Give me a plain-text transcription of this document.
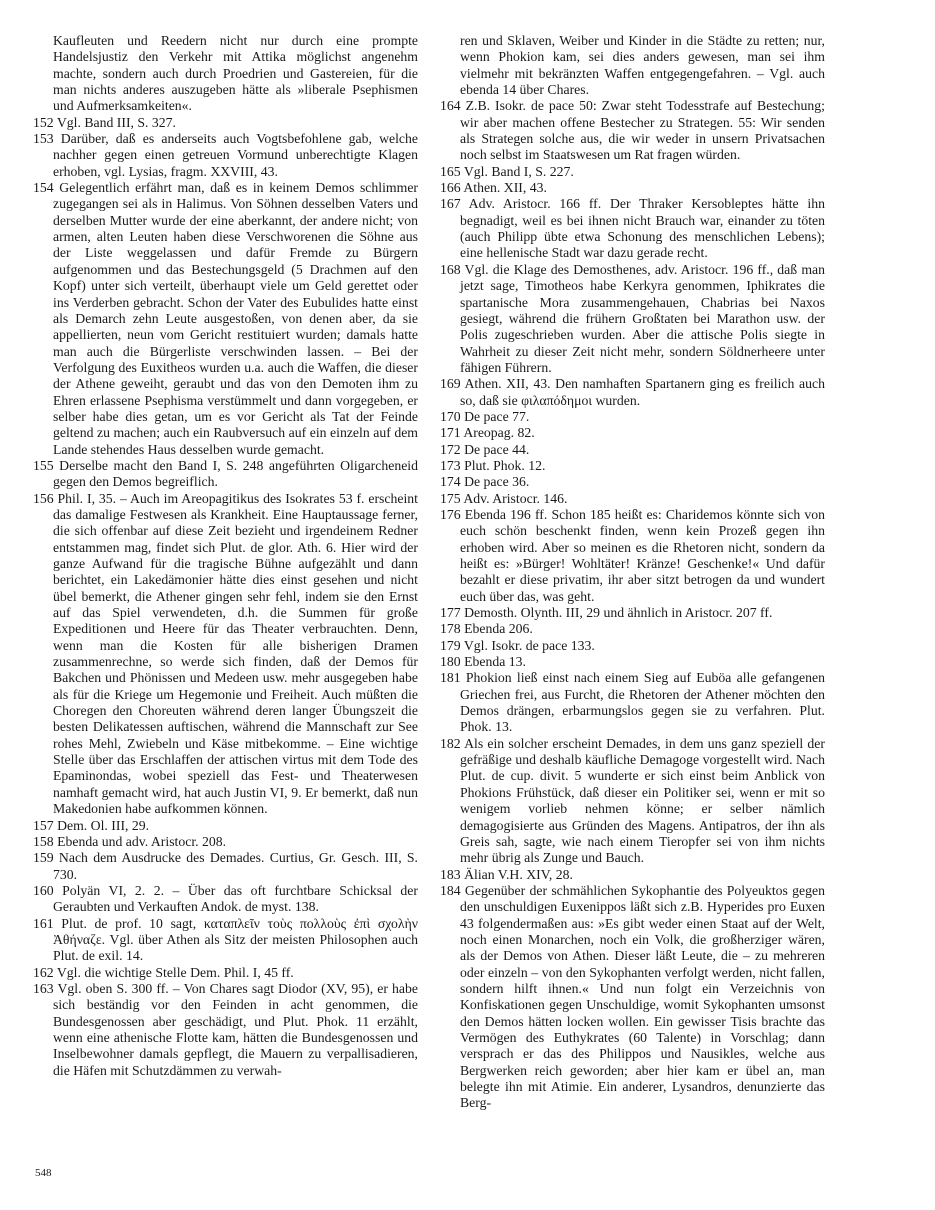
Kaufleuten und Reedern nicht nur durch eine prompte Handelsjustiz den Verkehr mit Attika möglichst angenehm machte, sondern auch durch Proedrien und Gastereien, für die man nichts anderes auszugeben hätte als »liberale Psephismen und Aufmerksamkeiten«.

152 Vgl. Band III, S. 327.

153 Darüber, daß es anderseits auch Vogtsbefohlene gab, welche nachher gegen einen getreuen Vormund unberechtigte Klagen erhoben, vgl. Lysias, fragm. XXVIII, 43.

154 Gelegentlich erfährt man, daß es in keinem Demos schlimmer zugegangen sei als in Halimus. Von Söhnen desselben Vaters und derselben Mutter wurde der eine aberkannt, der andere nicht; von armen, alten Leuten haben diese Verschworenen die Söhne aus der Liste weggelassen und dafür Fremde zu Bürgern aufgenommen und das Bestechungsgeld (5 Drachmen auf den Kopf) unter sich verteilt, überhaupt viele um Geld gerettet oder ins Verderben gebracht. Schon der Vater des Eubulides hatte einst als Demarch zehn Leute ausgestoßen, von denen aber, da sie appellierten, neun vom Gericht restituiert wurden; damals hatte man auch die Bürgerliste verschwinden lassen. – Bei der Verfolgung des Euxitheos wurden u.a. auch die Waffen, die dieser der Athene geweiht, geraubt und das von den Demoten ihm zu Ehren erlassene Psephisma verstümmelt und dann vorgegeben, er selber habe dies getan, um es vor Gericht als Tat der Feinde geltend zu machen; auch ein Raubversuch auf ein einzeln auf dem Lande stehendes Haus desselben wurde gemacht.

155 Derselbe macht den Band I, S. 248 angeführten Oligarcheneid gegen den Demos begreiflich.

156 Phil. I, 35. – Auch im Areopagitikus des Isokrates 53 f. erscheint das damalige Festwesen als Krankheit. Eine Hauptaussage ferner, die sich offenbar auf diese Zeit bezieht und irgendeinem Redner entstammen mag, findet sich Plut. de glor. Ath. 6. Hier wird der ganze Aufwand für die tragische Bühne aufgezählt und dann berichtet, ein Lakedämonier hätte dies einst gesehen und nicht übel bemerkt, die Athener gingen sehr fehl, indem sie den Ernst auf das Spiel verwendeten, d.h. die Summen für große Expeditionen und Heere für das Theater verbrauchten. Denn, wenn man die Kosten für alle bisherigen Dramen zusammenrechne, so werde sich finden, daß der Demos für Bakchen und Phönissen und Medeen usw. mehr ausgegeben habe als für die Kriege um Hegemonie und Freiheit. Auch müßten die Choregen den Choreuten während deren langer Übungszeit die besten Delikatessen auftischen, während die Mannschaft zur See rohes Mehl, Zwiebeln und Käse mitbekomme. – Eine wichtige Stelle über das Erschlaffen der attischen virtus mit dem Tode des Epaminondas, wobei speziell das Fest- und Theaterwesen namhaft gemacht wird, hat auch Justin VI, 9. Er bemerkt, daß nun Makedonien habe aufkommen können.

157 Dem. Ol. III, 29.

158 Ebenda und adv. Aristocr. 208.

159 Nach dem Ausdrucke des Demades. Curtius, Gr. Gesch. III, S. 730.

160 Polyän VI, 2. 2. – Über das oft furchtbare Schicksal der Geraubten und Verkauften Andok. de myst. 138.

161 Plut. de prof. 10 sagt, καταπλεῖν τοὺς πολλοὺς ἐπὶ σχολὴν Ἀθήναζε. Vgl. über Athen als Sitz der meisten Philosophen auch Plut. de exil. 14.

162 Vgl. die wichtige Stelle Dem. Phil. I, 45 ff.

163 Vgl. oben S. 300 ff. – Von Chares sagt Diodor (XV, 95), er habe sich beständig vor den Feinden in acht genommen, die Bundesgenossen aber geschädigt, und Plut. Phok. 11 erzählt, wenn eine athenische Flotte kam, hätten die Bundesgenossen und Inselbewohner damals gepflegt, die Mauern zu verpallisadieren, die Häfen mit Schutzdämmen zu verwah-

ren und Sklaven, Weiber und Kinder in die Städte zu retten; nur, wenn Phokion kam, sei dies anders gewesen, man sei ihm vielmehr mit bekränzten Waffen entgegengefahren. – Vgl. auch ebenda 14 über Chares.

164 Z.B. Isokr. de pace 50: Zwar steht Todesstrafe auf Bestechung; wir aber machen offene Bestecher zu Strategen. 55: Wir senden als Strategen solche aus, die wir weder in unsern Privatsachen noch selbst im Staatswesen um Rat fragen würden.

165 Vgl. Band I, S. 227.

166 Athen. XII, 43.

167 Adv. Aristocr. 166 ff. Der Thraker Kersobleptes hätte ihn begnadigt, weil es bei ihnen nicht Brauch war, einander zu töten (auch Philipp übte etwa Schonung des menschlichen Lebens); eine hellenische Stadt war dazu gerade recht.

168 Vgl. die Klage des Demosthenes, adv. Aristocr. 196 ff., daß man jetzt sage, Timotheos habe Kerkyra genommen, Iphikrates die spartanische Mora zusammengehauen, Chabrias bei Naxos gesiegt, während die frühern Großtaten bei Marathon usw. der Polis zugeschrieben wurden. Aber die attische Polis siegte in Wahrheit zu dieser Zeit nicht mehr, sondern Söldnerheere unter fähigen Führern.

169 Athen. XII, 43. Den namhaften Spartanern ging es freilich auch so, daß sie φιλαπόδημοι wurden.

170 De pace 77.

171 Areopag. 82.

172 De pace 44.

173 Plut. Phok. 12.

174 De pace 36.

175 Adv. Aristocr. 146.

176 Ebenda 196 ff. Schon 185 heißt es: Charidemos könnte sich von euch schön beschenkt finden, wenn kein Prozeß gegen ihn erhoben wird. Aber so meinen es die Rhetoren nicht, sondern da heißt es: »Bürger! Wohltäter! Kränze! Geschenke!« Und dafür bezahlt er diese privatim, ihr aber sitzt betrogen da und wundert euch über das, was geht.

177 Demosth. Olynth. III, 29 und ähnlich in Aristocr. 207 ff.

178 Ebenda 206.

179 Vgl. Isokr. de pace 133.

180 Ebenda 13.

181 Phokion ließ einst nach einem Sieg auf Euböa alle gefangenen Griechen frei, aus Furcht, die Rhetoren der Athener möchten den Demos drängen, erbarmungslos gegen sie zu verfahren. Plut. Phok. 13.

182 Als ein solcher erscheint Demades, in dem uns ganz speziell der gefräßige und deshalb käufliche Demagoge vorgestellt wird. Nach Plut. de cup. divit. 5 wunderte er sich einst beim Anblick von Phokions Frühstück, daß dieser ein Politiker sei, wenn er mit so wenigem vorlieb nehmen könne; er selber nämlich demagogisierte aus Gründen des Magens. Antipatros, der ihn als Greis sah, sagte, wie nach einem Tieropfer sei von ihm nichts mehr übrig als Zunge und Bauch.

183 Älian V.H. XIV, 28.

184 Gegenüber der schmählichen Sykophantie des Polyeuktos gegen den unschuldigen Euxenippos läßt sich z.B. Hyperides pro Euxen 43 folgendermaßen aus: »Es gibt weder einen Staat auf der Welt, noch einen Monarchen, noch ein Volk, die großherziger wären, als der Demos von Athen. Dieser läßt Leute, die – zu mehreren oder einzeln – von den Sykophanten verfolgt werden, nicht fallen, sondern hilft ihnen.« Und nun folgt ein Verzeichnis von Konfiskationen gegen Unschuldige, womit Sykophanten umsonst den Demos hätten locken wollen. Ein gewisser Tisis brachte das Vermögen des Euthykrates (60 Talente) in Vorschlag; dann versprach er das des Philippos und Nausikles, welche aus Bergwerken reich geworden; aber hier kam er übel an, man belegte ihn mit Atimie. Ein anderer, Lysandros, denunzierte das Berg-

548
